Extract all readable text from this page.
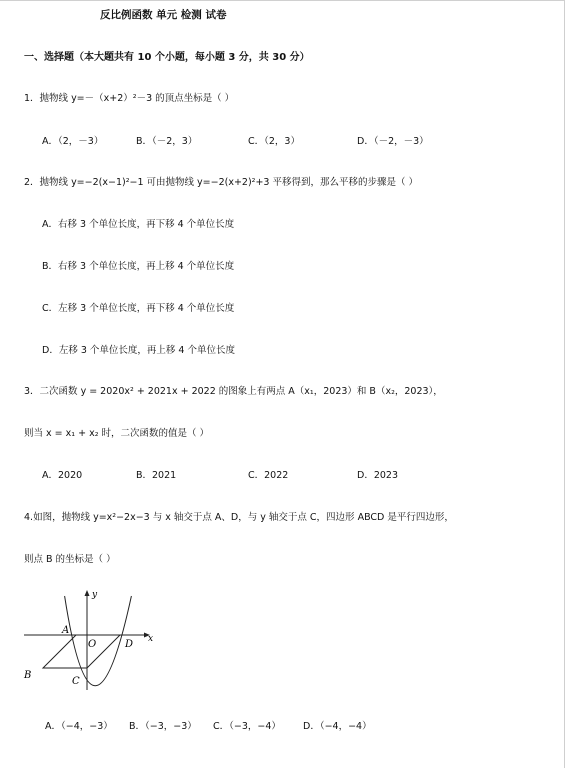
反比例函数 单元 检测 试卷
一、选择题（本大题共有 10 个小题，每小题 3 分，共 30 分）
1．抛物线 y=－（x+2）²－3 的顶点坐标是（ ）
A．（2，－3）	B．（－2，3）	C．（2，3）	D．（－2，－3）
2．抛物线 y=−2(x−1)²−1 可由抛物线 y=−2(x+2)²+3 平移得到，那么平移的步骤是（ ）
A．右移 3 个单位长度，再下移 4 个单位长度
B．右移 3 个单位长度，再上移 4 个单位长度
C．左移 3 个单位长度，再下移 4 个单位长度
D．左移 3 个单位长度，再上移 4 个单位长度
3．二次函数 y = 2020x² + 2021x + 2022 的图象上有两点 A（x₁，2023）和 B（x₂，2023），
则当 x = x₁ + x₂ 时，二次函数的值是（ ）
A．2020	B．2021	C．2022	D．2023
4.如图，抛物线 y=x²−2x−3 与 x 轴交于点 A、D，与 y 轴交于点 C，四边形 ABCD 是平行四边形，
则点 B 的坐标是（ ）
y
x
A
O	D
B
C
A．（−4，−3） B．（−3，−3） C．（−3，−4） D．（−4，−4）
